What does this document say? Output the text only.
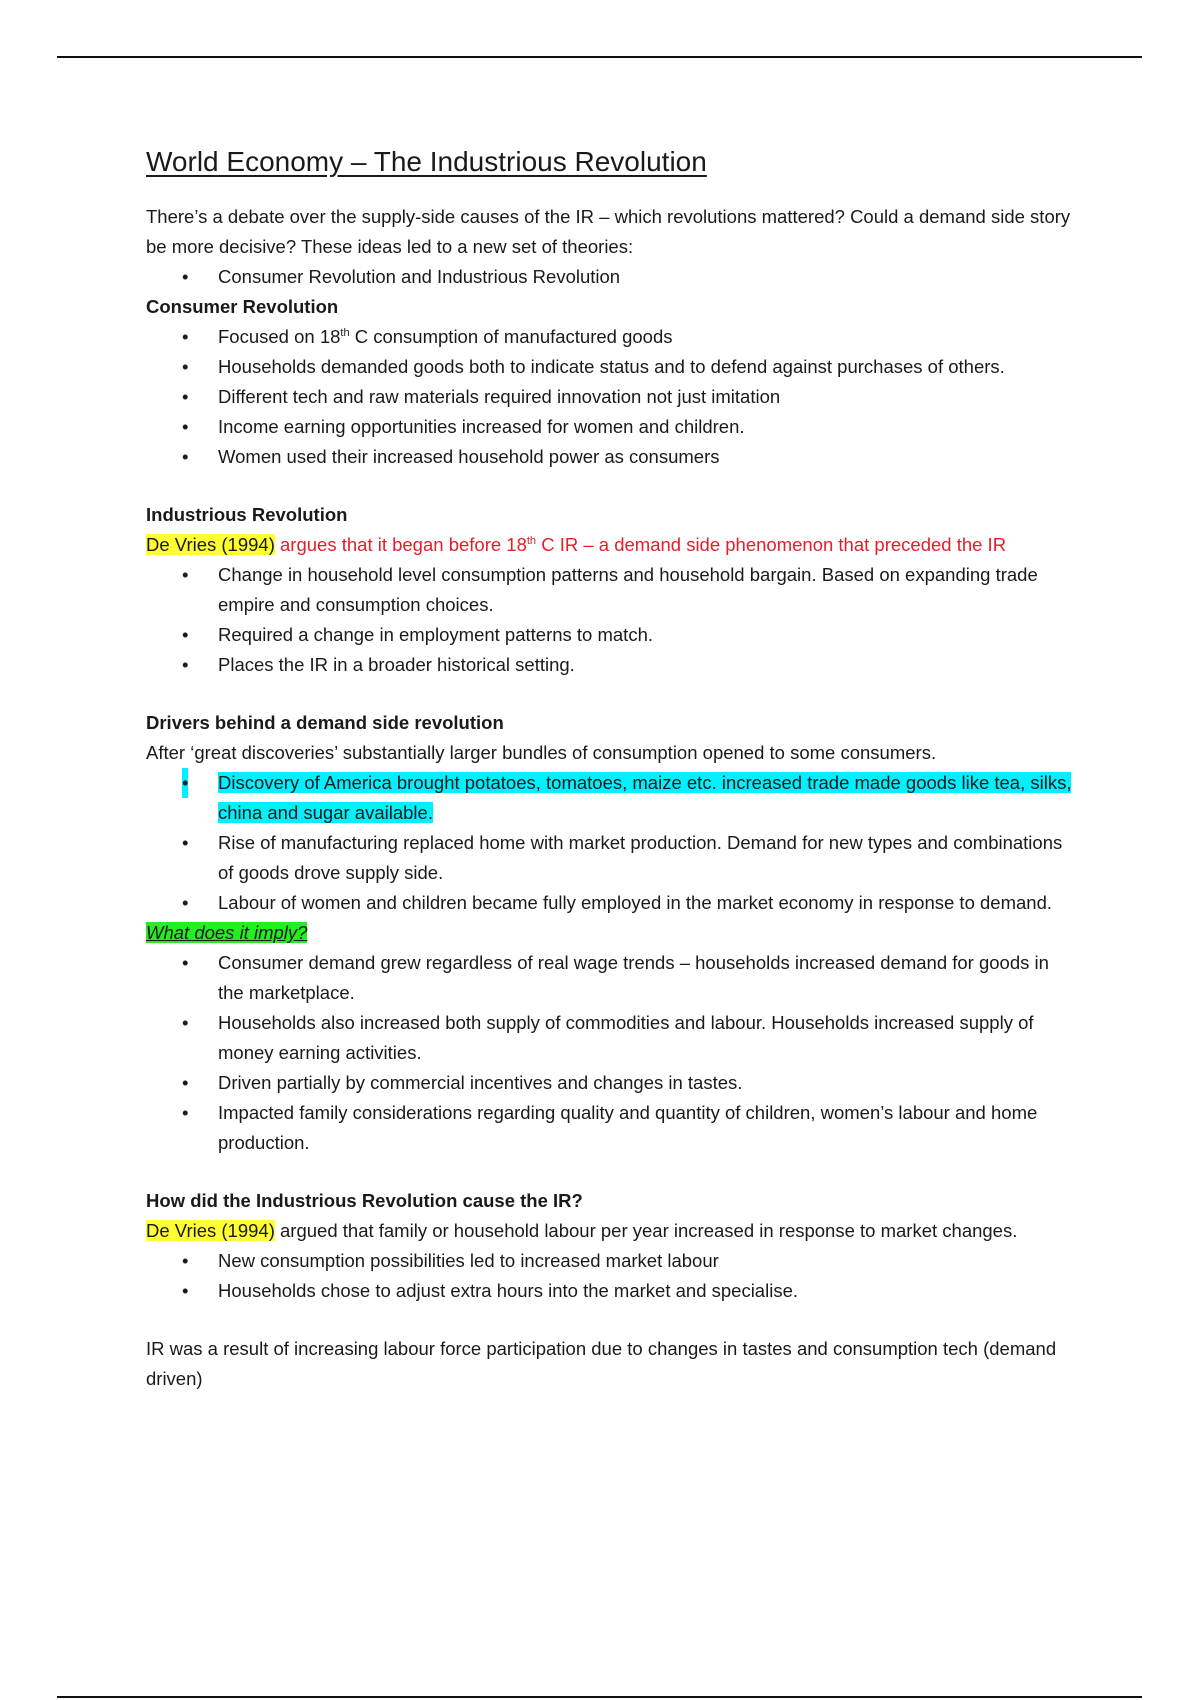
World Economy – The Industrious Revolution

There’s a debate over the supply-side causes of the IR – which revolutions mattered? Could a demand side story be more decisive? These ideas led to a new set of theories:

• Consumer Revolution and Industrious Revolution
Consumer Revolution
• Focused on 18th C consumption of manufactured goods
• Households demanded goods both to indicate status and to defend against purchases of others.
• Different tech and raw materials required innovation not just imitation
• Income earning opportunities increased for women and children.
• Women used their increased household power as consumers
Industrious Revolution

De Vries (1994) argues that it began before 18th C IR – a demand side phenomenon that preceded the IR

• Change in household level consumption patterns and household bargain. Based on expanding trade empire and consumption choices.
• Required a change in employment patterns to match.
• Places the IR in a broader historical setting.
Drivers behind a demand side revolution

After ‘great discoveries’ substantially larger bundles of consumption opened to some consumers.

• Discovery of America brought potatoes, tomatoes, maize etc. increased trade made goods like tea, silks, china and sugar available.
• Rise of manufacturing replaced home with market production. Demand for new types and combinations of goods drove supply side.
• Labour of women and children became fully employed in the market economy in response to demand.

What does it imply?

• Consumer demand grew regardless of real wage trends – households increased demand for goods in the marketplace.
• Households also increased both supply of commodities and labour. Households increased supply of money earning activities.
• Driven partially by commercial incentives and changes in tastes.
• Impacted family considerations regarding quality and quantity of children, women’s labour and home production.
How did the Industrious Revolution cause the IR?

De Vries (1994) argued that family or household labour per year increased in response to market changes.

• New consumption possibilities led to increased market labour
• Households chose to adjust extra hours into the market and specialise.

IR was a result of increasing labour force participation due to changes in tastes and consumption tech (demand driven)
